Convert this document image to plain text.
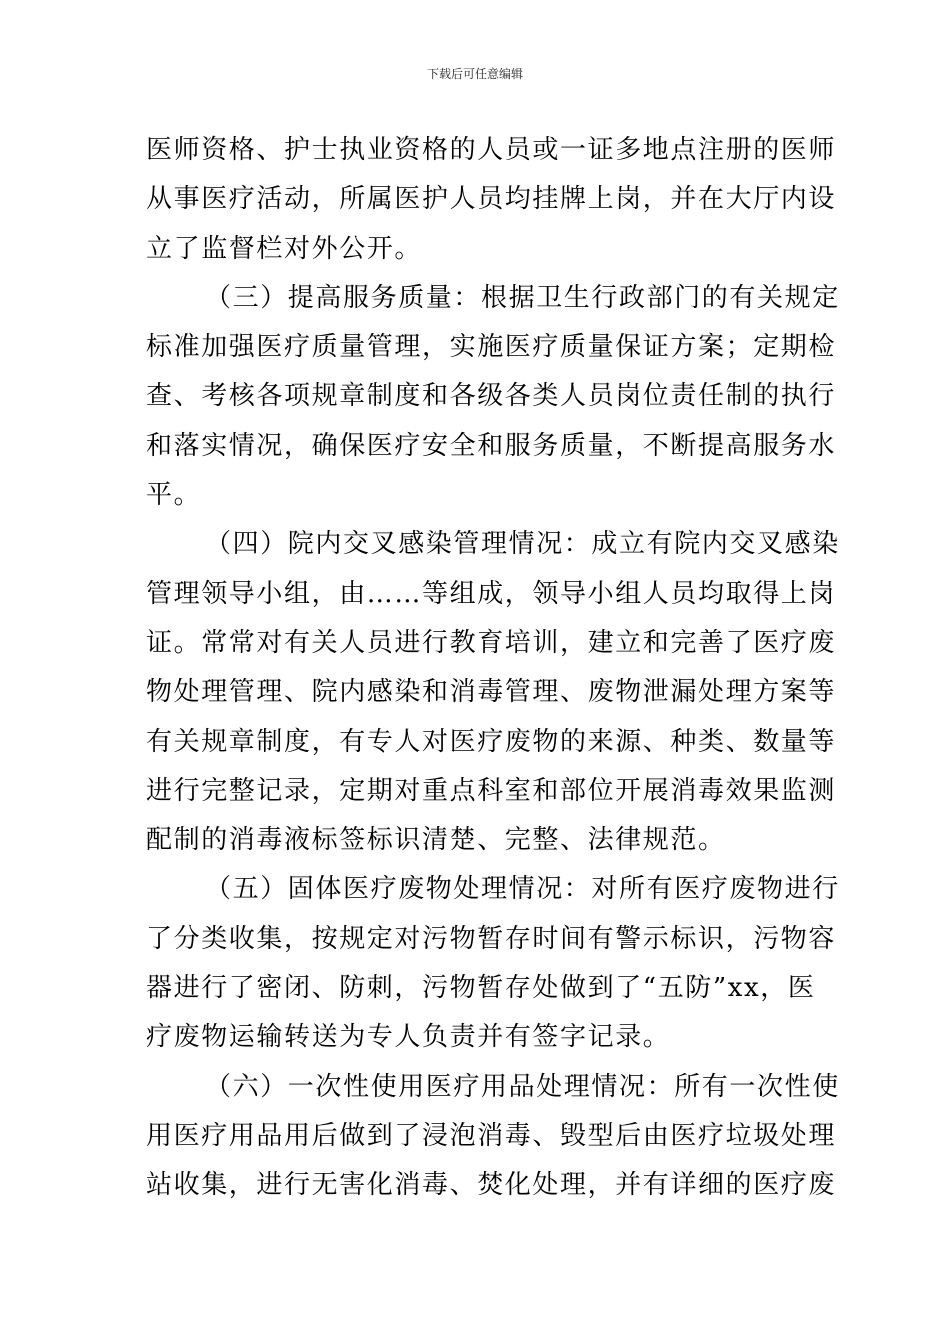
下载后可任意编辑
医师资格、护士执业资格的人员或一证多地点注册的医师
从事医疗活动，所属医护人员均挂牌上岗，并在大厅内设
立了监督栏对外公开。
（三）提高服务质量：根据卫生行政部门的有关规定
标准加强医疗质量管理，实施医疗质量保证方案；定期检
查、考核各项规章制度和各级各类人员岗位责任制的执行
和落实情况，确保医疗安全和服务质量，不断提高服务水
平。
（四）院内交叉感染管理情况：成立有院内交叉感染
管理领导小组，由……等组成，领导小组人员均取得上岗
证。常常对有关人员进行教育培训，建立和完善了医疗废
物处理管理、院内感染和消毒管理、废物泄漏处理方案等
有关规章制度，有专人对医疗废物的来源、种类、数量等
进行完整记录，定期对重点科室和部位开展消毒效果监测
配制的消毒液标签标识清楚、完整、法律规范。
（五）固体医疗废物处理情况：对所有医疗废物进行
了分类收集，按规定对污物暂存时间有警示标识，污物容
器进行了密闭、防刺，污物暂存处做到了“五防”xx，医
疗废物运输转送为专人负责并有签字记录。
（六）一次性使用医疗用品处理情况：所有一次性使
用医疗用品用后做到了浸泡消毒、毁型后由医疗垃圾处理
站收集，进行无害化消毒、焚化处理，并有详细的医疗废
